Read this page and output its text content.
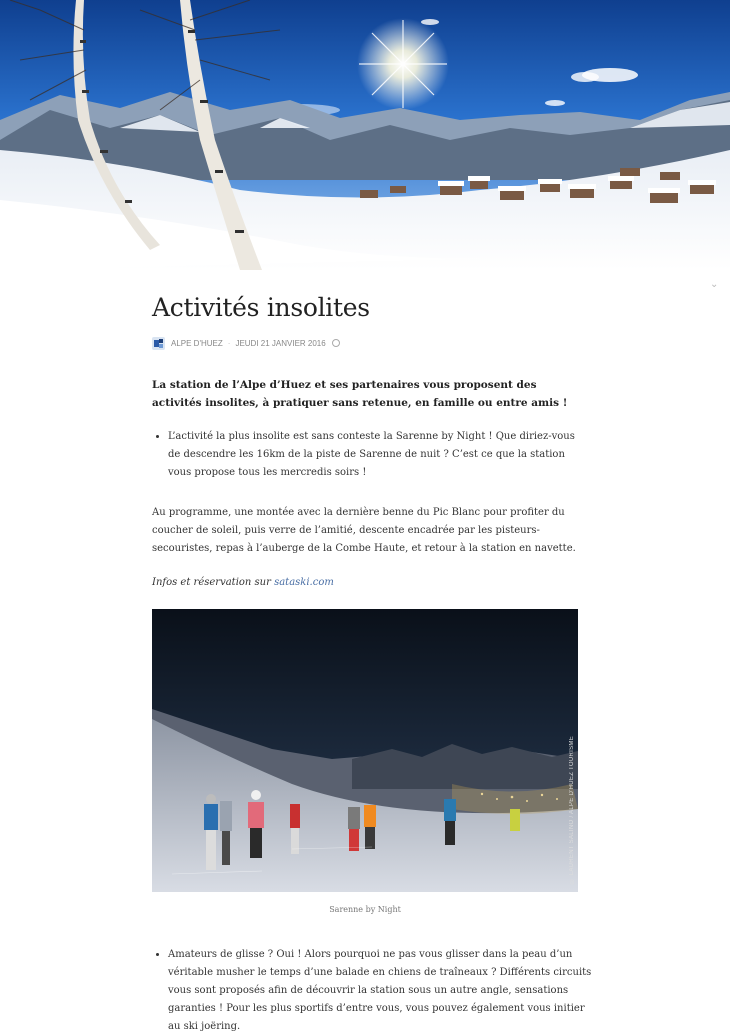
⌄
Activités insolites
ALPE D'HUEZ · JEUDI 21 JANVIER 2016
La station de l’Alpe d’Huez et ses partenaires vous proposent des activités insolites, à pratiquer sans retenue, en famille ou entre amis !
• L’activité la plus insolite est sans conteste la Sarenne by Night ! Que diriez-vous de descendre les 16km de la piste de Sarenne de nuit ? C’est ce que la station vous propose tous les mercredis soirs !

Au programme, une montée avec la dernière benne du Pic Blanc pour profiter du coucher de soleil, puis verre de l’amitié, descente encadrée par les pisteurs-secouristes, repas à l’auberge de la Combe Haute, et retour à la station en navette.

Infos et réservation sur sataski.com

© LAURENT SALINO / ALPE D'HUEZ TOURISME
Sarenne by Night
• Amateurs de glisse ? Oui ! Alors pourquoi ne pas vous glisser dans la peau d’un véritable musher le temps d’une balade en chiens de traîneaux ? Différents circuits vous sont proposés afin de découvrir la station sous un autre angle, sensations garanties ! Pour les plus sportifs d’entre vous, vous pouvez également vous initier au ski joëring.
